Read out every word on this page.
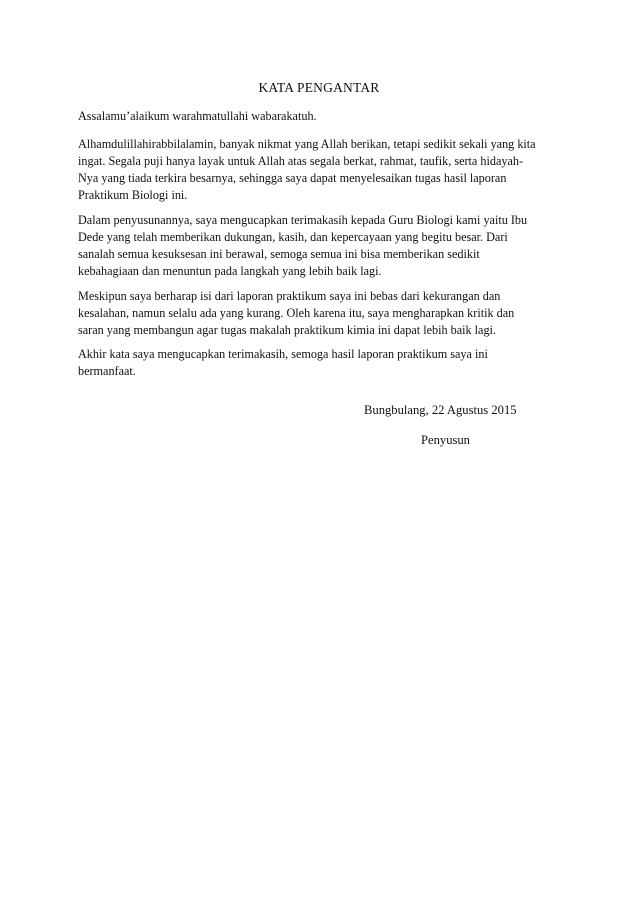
KATA PENGANTAR
Assalamu’alaikum warahmatullahi wabarakatuh.
Alhamdulillahirabbilalamin, banyak nikmat yang Allah berikan, tetapi sedikit sekali yang kita
ingat. Segala puji hanya layak untuk Allah atas segala berkat, rahmat, taufik, serta hidayah-
Nya yang tiada terkira besarnya, sehingga saya dapat menyelesaikan tugas hasil laporan
Praktikum Biologi ini.
Dalam penyusunannya, saya mengucapkan terimakasih kepada Guru Biologi kami yaitu Ibu
Dede yang telah memberikan dukungan, kasih, dan kepercayaan yang begitu besar. Dari
sanalah semua kesuksesan ini berawal, semoga semua ini bisa memberikan sedikit
kebahagiaan dan menuntun pada langkah yang lebih baik lagi.
Meskipun saya berharap isi dari laporan praktikum saya ini bebas dari kekurangan dan
kesalahan, namun selalu ada yang kurang. Oleh karena itu, saya mengharapkan kritik dan
saran yang membangun agar tugas makalah praktikum kimia ini dapat lebih baik lagi.
Akhir kata saya mengucapkan terimakasih, semoga hasil laporan praktikum saya ini
bermanfaat.
Bungbulang, 22 Agustus 2015
Penyusun
